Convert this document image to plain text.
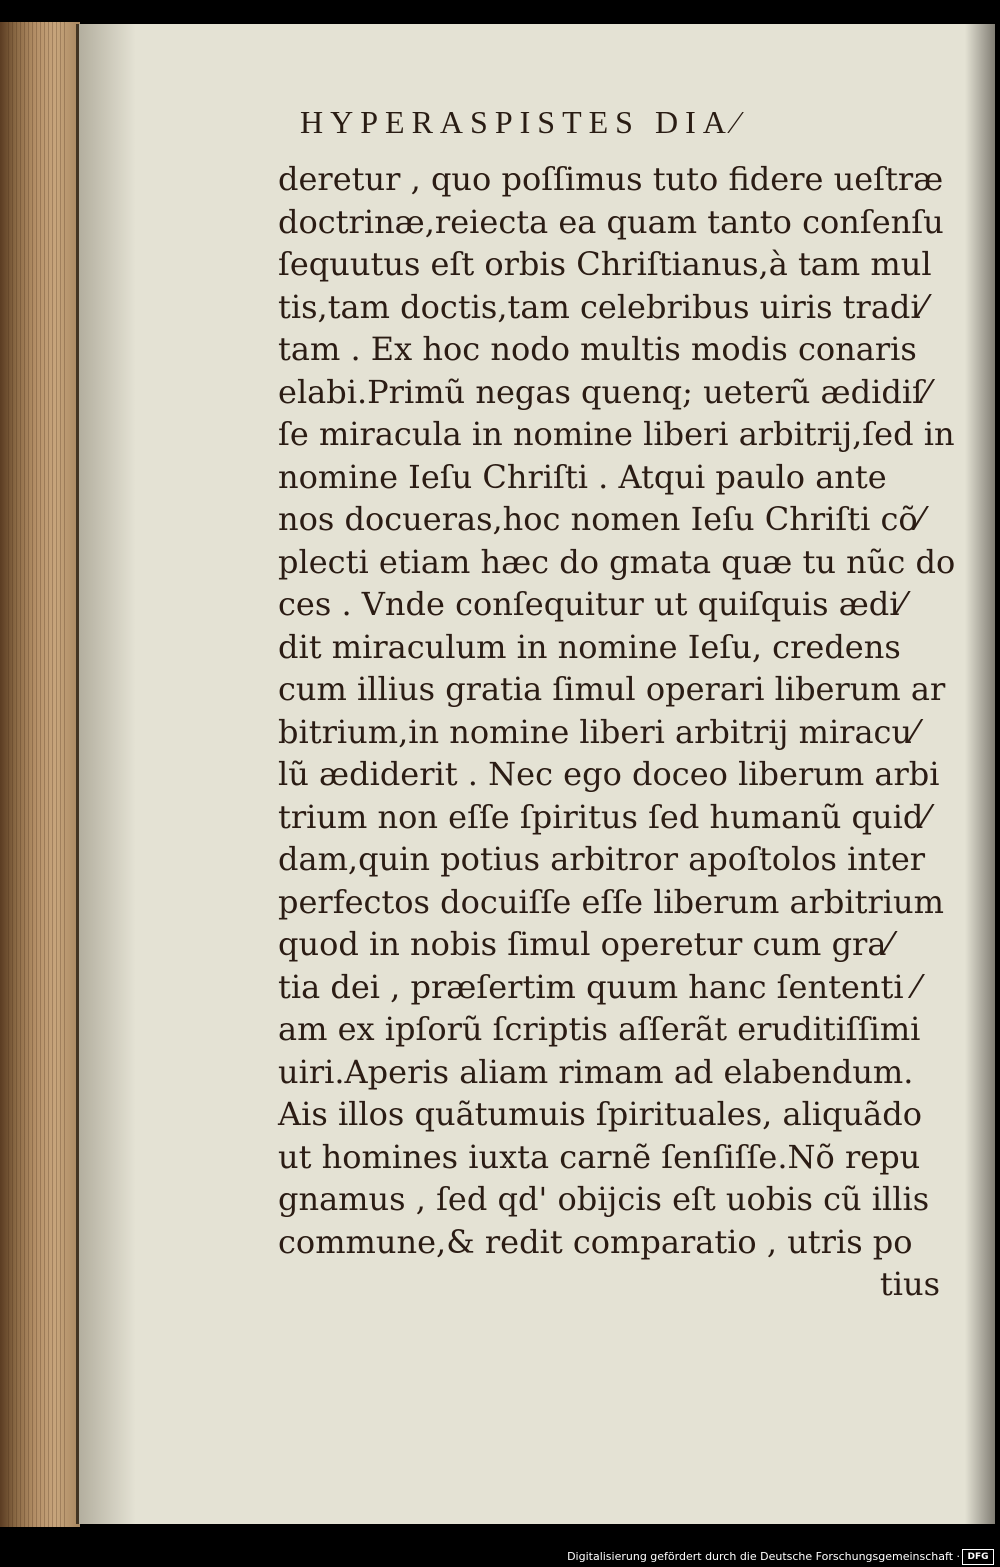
HYPERASPISTES DIA⁄
deretur , quo poſſimus tuto fidere ueſtræ
doctrinæ,reiecta ea quam tanto conſenſu
ſequutus eſt orbis Chriſtianus,à tam mul
tis,tam doctis,tam celebribus uiris tradi⁄
tam . Ex hoc nodo multis modis conaris
elabi.Primũ negas quenq; ueterũ ædidiſ⁄
ſe miracula in nomine liberi arbitrij,ſed in
nomine Ieſu Chriſti . Atqui paulo ante
nos docueras,hoc nomen Ieſu Chriſti cõ⁄
plecti etiam hæc do gmata quæ tu nũc do
ces . Vnde conſequitur ut quiſquis ædi⁄
dit miraculum in nomine Ieſu, credens
cum illius gratia ſimul operari liberum ar
bitrium,in nomine liberi arbitrij miracu⁄
lũ ædiderit . Nec ego doceo liberum arbi
trium non eſſe ſpiritus ſed humanũ quid⁄
dam,quin potius arbitror apoſtolos inter
perfectos docuiſſe eſſe liberum arbitrium
quod in nobis ſimul operetur cum gra⁄
tia dei , præſertim quum hanc ſententi ⁄
am ex ipſorũ ſcriptis aſſerãt eruditiſſimi
uiri.Aperis aliam rimam ad elabendum.
Ais illos quãtumuis ſpirituales, aliquãdo
ut homines iuxta carnẽ ſenſiſſe.Nõ repu
gnamus , ſed qd' obijcis eſt uobis cũ illis
commune,& redit comparatio , utris po
tius
Digitalisierung gefördert durch die Deutsche Forschungsgemeinschaft · DFG
